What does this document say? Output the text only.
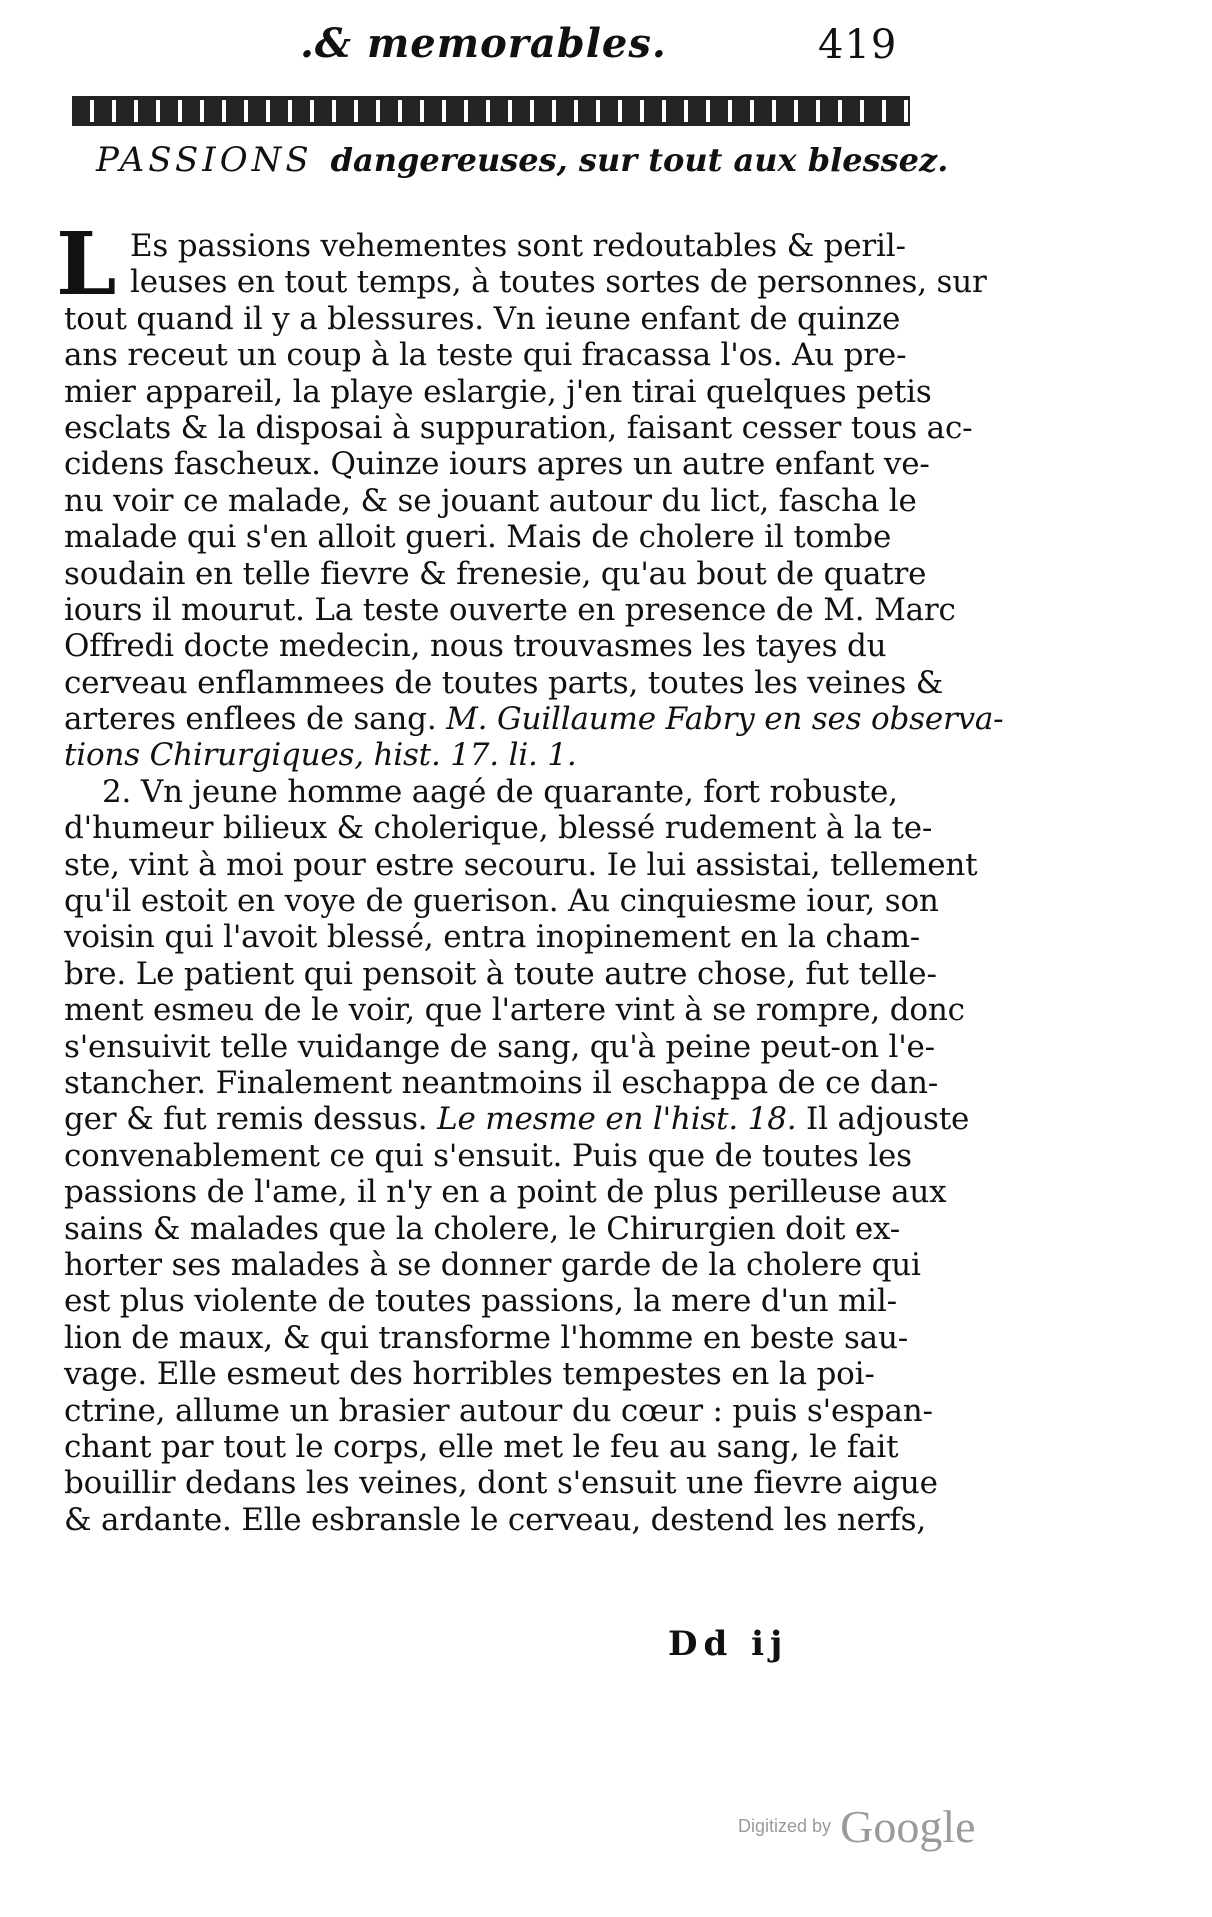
.& memorables.	419
PASSIONS dangereuses, sur tout aux blessez.
L Es passions vehementes sont redoutables & peril-
leuses en tout temps, à toutes sortes de personnes, sur
tout quand il y a blessures. Vn ieune enfant de quinze
ans receut un coup à la teste qui fracassa l'os. Au pre-
mier appareil, la playe eslargie, j'en tirai quelques petis
esclats & la disposai à suppuration, faisant cesser tous ac-
cidens fascheux. Quinze iours apres un autre enfant ve-
nu voir ce malade, & se jouant autour du lict, fascha le
malade qui s'en alloit gueri. Mais de cholere il tombe
soudain en telle fievre & frenesie, qu'au bout de quatre
iours il mourut. La teste ouverte en presence de M. Marc
Offredi docte medecin, nous trouvasmes les tayes du
cerveau enflammees de toutes parts, toutes les veines &
arteres enflees de sang. M. Guillaume Fabry en ses observa-
tions Chirurgiques, hist. 17. li. 1.
2. Vn jeune homme aagé de quarante, fort robuste,
d'humeur bilieux & cholerique, blessé rudement à la te-
ste, vint à moi pour estre secouru. Ie lui assistai, tellement
qu'il estoit en voye de guerison. Au cinquiesme iour, son
voisin qui l'avoit blessé, entra inopinement en la cham-
bre. Le patient qui pensoit à toute autre chose, fut telle-
ment esmeu de le voir, que l'artere vint à se rompre, donc
s'ensuivit telle vuidange de sang, qu'à peine peut-on l'e-
stancher. Finalement neantmoins il eschappa de ce dan-
ger & fut remis dessus. Le mesme en l'hist. 18. Il adjouste
convenablement ce qui s'ensuit. Puis que de toutes les
passions de l'ame, il n'y en a point de plus perilleuse aux
sains & malades que la cholere, le Chirurgien doit ex-
horter ses malades à se donner garde de la cholere qui
est plus violente de toutes passions, la mere d'un mil-
lion de maux, & qui transforme l'homme en beste sau-
vage. Elle esmeut des horribles tempestes en la poi-
ctrine, allume un brasier autour du cœur : puis s'espan-
chant par tout le corps, elle met le feu au sang, le fait
bouillir dedans les veines, dont s'ensuit une fievre aigue
& ardante. Elle esbransle le cerveau, destend les nerfs,
Dd ij
Digitized by Google
